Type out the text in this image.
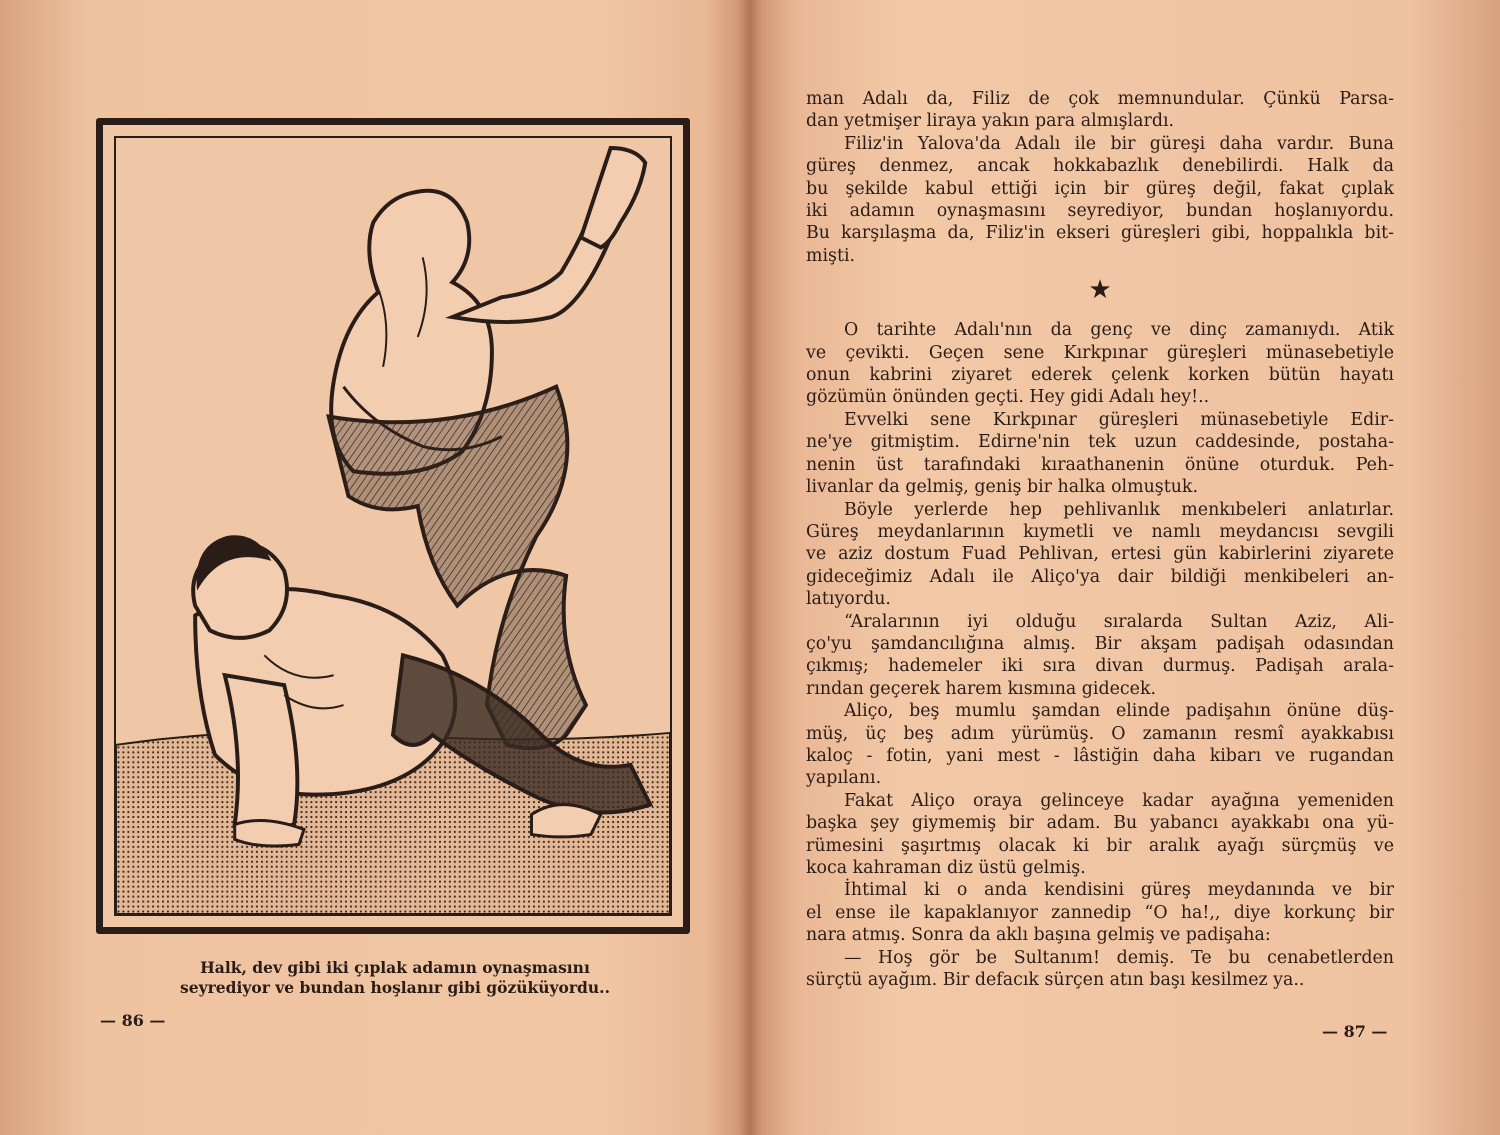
Halk, dev gibi iki çıplak adamın oynaşmasını
seyrediyor ve bundan hoşlanır gibi gözüküyordu..
— 86 —
man Adalı da, Filiz de çok memnundular. Çünkü Parsa-
dan yetmişer liraya yakın para almışlardı.
Filiz'in Yalova'da Adalı ile bir güreşi daha vardır. Buna
güreş denmez, ancak hokkabazlık denebilirdi. Halk da
bu şekilde kabul ettiği için bir güreş değil, fakat çıplak
iki adamın oynaşmasını seyrediyor, bundan hoşlanıyordu.
Bu karşılaşma da, Filiz'in ekseri güreşleri gibi, hoppalıkla bit-
mişti.
★
O tarihte Adalı'nın da genç ve dinç zamanıydı. Atik
ve çevikti. Geçen sene Kırkpınar güreşleri münasebetiyle
onun kabrini ziyaret ederek çelenk korken bütün hayatı
gözümün önünden geçti. Hey gidi Adalı hey!..
Evvelki sene Kırkpınar güreşleri münasebetiyle Edir-
ne'ye gitmiştim. Edirne'nin tek uzun caddesinde, postaha-
nenin üst tarafındaki kıraathanenin önüne oturduk. Peh-
livanlar da gelmiş, geniş bir halka olmuştuk.
Böyle yerlerde hep pehlivanlık menkıbeleri anlatırlar.
Güreş meydanlarının kıymetli ve namlı meydancısı sevgili
ve aziz dostum Fuad Pehlivan, ertesi gün kabirlerini ziyarete
gideceğimiz Adalı ile Aliço'ya dair bildiği menkibeleri an-
latıyordu.
“Aralarının iyi olduğu sıralarda Sultan Aziz, Ali-
ço'yu şamdancılığına almış. Bir akşam padişah odasından
çıkmış; hademeler iki sıra divan durmuş. Padişah arala-
rından geçerek harem kısmına gidecek.
Aliço, beş mumlu şamdan elinde padişahın önüne düş-
müş, üç beş adım yürümüş. O zamanın resmî ayakkabısı
kaloç - fotin, yani mest - lâstiğin daha kibarı ve rugandan
yapılanı.
Fakat Aliço oraya gelinceye kadar ayağına yemeniden
başka şey giymemiş bir adam. Bu yabancı ayakkabı ona yü-
rümesini şaşırtmış olacak ki bir aralık ayağı sürçmüş ve
koca kahraman diz üstü gelmiş.
İhtimal ki o anda kendisini güreş meydanında ve bir
el ense ile kapaklanıyor zannedip “O ha!,, diye korkunç bir
nara atmış. Sonra da aklı başına gelmiş ve padişaha:
— Hoş gör be Sultanım! demiş. Te bu cenabetlerden
sürçtü ayağım. Bir defacık sürçen atın başı kesilmez ya..
— 87 —
